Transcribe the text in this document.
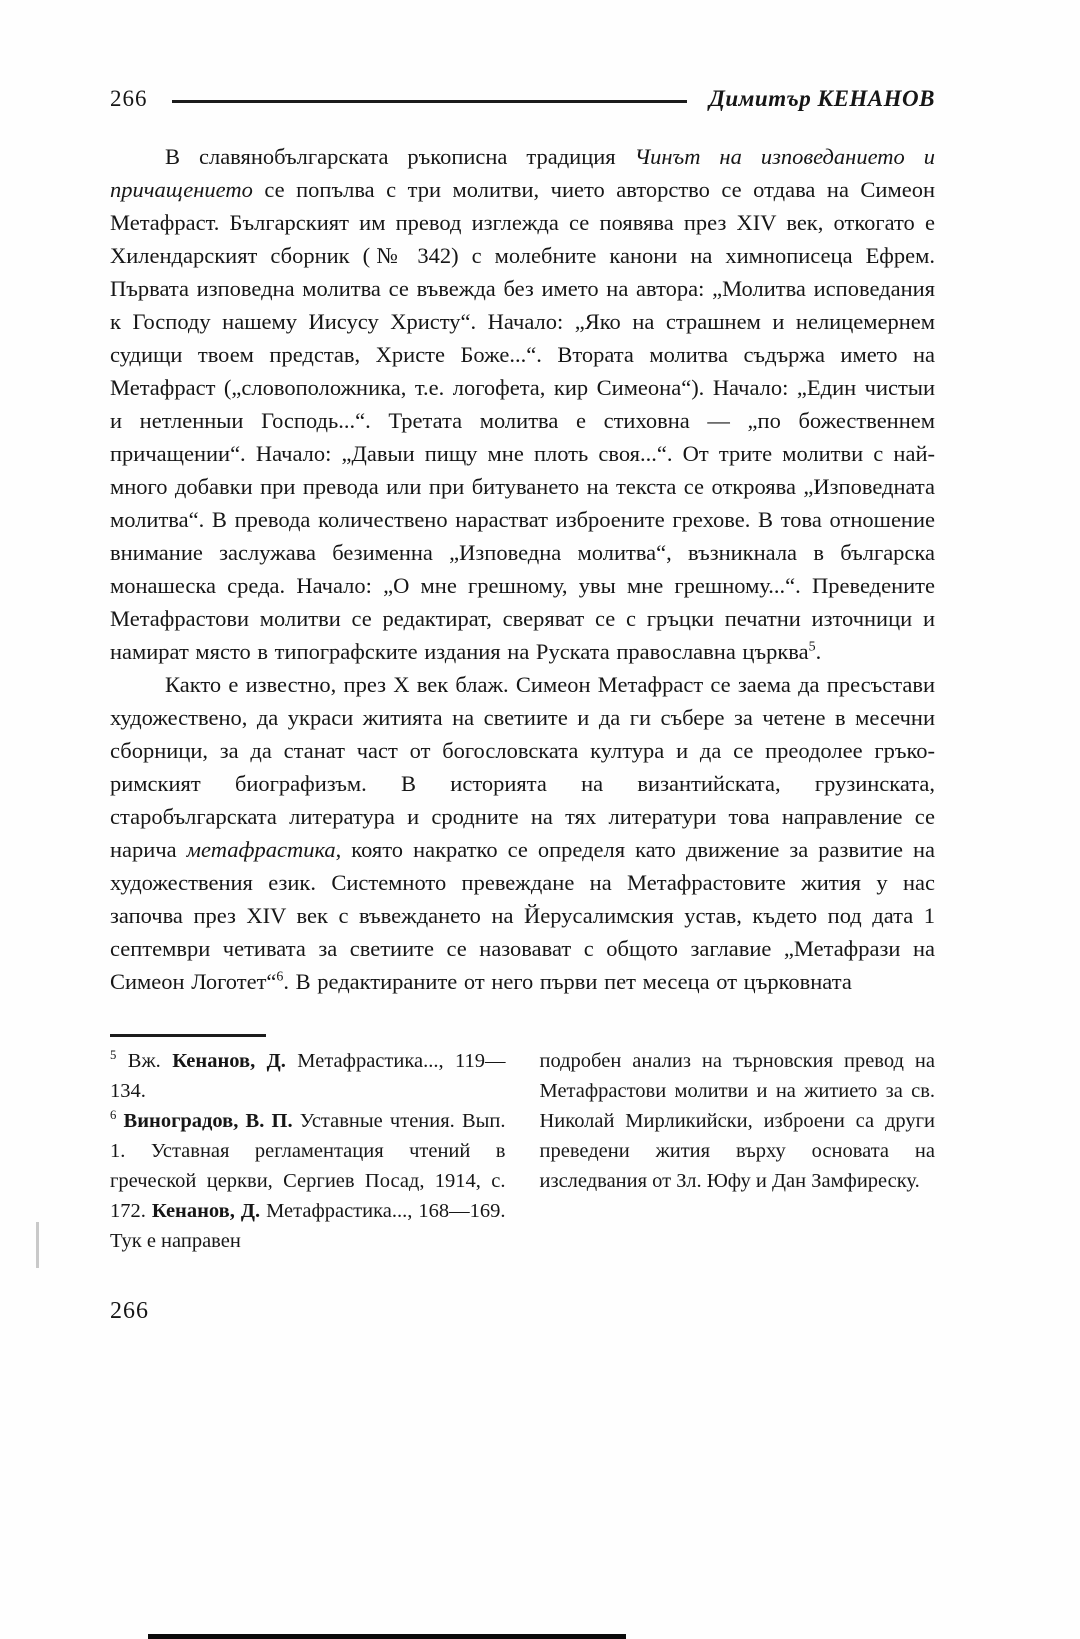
266	Димитър КЕНАНОВ

В славянобългарската ръкописна традиция Чинът на изповеданието и причащението се попълва с три молитви, чието авторство се отдава на Симеон Метафраст. Българският им превод изглежда се появява през XIV век, откогато е Хилендарският сборник (№ 342) с молебните канони на химнописеца Ефрем. Първата изповедна молитва се въвежда без името на автора: „Молитва исповедания к Господу нашему Иисусу Христу“. Начало: „Яко на страшнем и нелицемернем судищи твоем представ, Христе Боже...“. Втората молитва съдържа името на Метафраст („словоположника, т.е. логофета, кир Симеона“). Начало: „Един чистыи и нетленныи Господь...“. Третата молитва е стиховна — „по божественнем причащении“. Начало: „Давыи пищу мне плоть своя...“. От трите молитви с най-много добавки при превода или при битуването на текста се откроява „Изповедната молитва“. В превода количествено нарастват изброените грехове. В това отношение внимание заслужава безименна „Изповедна молитва“, възникнала в българска монашеска среда. Начало: „О мне грешному, увы мне грешному...“. Преведените Метафрастови молитви се редактират, сверяват се с гръцки печатни източници и намират място в типографските издания на Руската православна църква$^5$.

Както е известно, през X век блаж. Симеон Метафраст се заема да пресъстави художествено, да украси житията на светиите и да ги събере за четене в месечни сборници, за да станат част от богословската култура и да се преодолее гръко-римският биографизъм. В историята на византийската, грузинската, старобългарската литература и сродните на тях литератури това направление се нарича метафрастика, която накратко се определя като движение за развитие на художествения език. Системното превеждане на Метафрастовите жития у нас започва през XIV век с въвеждането на Йерусалимския устав, където под дата 1 септември четивата за светиите се назовават с общото заглавие „Метафрази на Симеон Логотет“$^6$. В редактираните от него първи пет месеца от църковната

$^5$ Вж. Кенанов, Д. Метафрастика..., 119—134.

$^6$ Виноградов, В. П. Уставные чтения. Вып. 1. Уставная регламентация чтений в греческой церкви, Сергиев Посад, 1914, с. 172. Кенанов, Д. Метафрастика..., 168—169. Тук е направен

подробен анализ на търновския превод на Метафрастови молитви и на житието за св. Николай Мирликийски, изброени са други преведени жития върху основата на изследвания от Зл. Юфу и Дан Замфиреску.

266
